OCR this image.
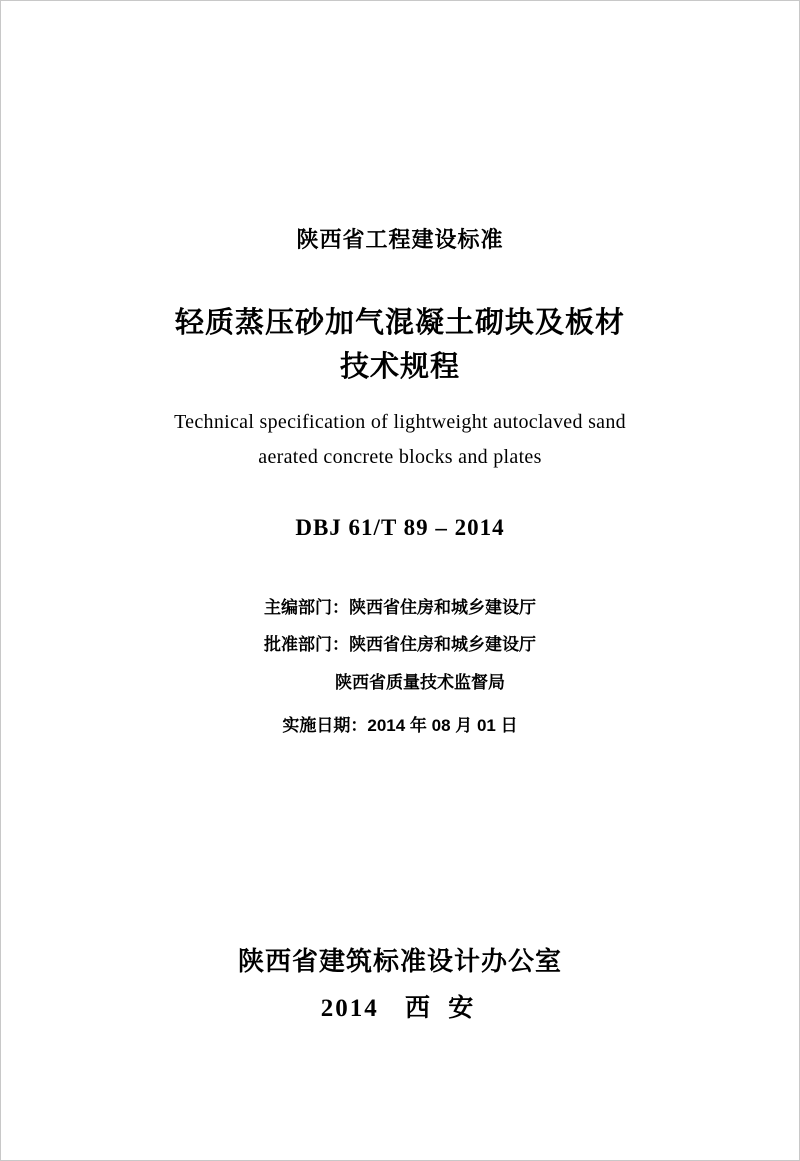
陕西省工程建设标准
轻质蒸压砂加气混凝土砌块及板材
技术规程
Technical specification of lightweight autoclaved sand
aerated concrete blocks and plates
DBJ 61/T 89 – 2014
主编部门：陕西省住房和城乡建设厅
批准部门：陕西省住房和城乡建设厅
陕西省质量技术监督局
实施日期：2014 年 08 月 01 日
陕西省建筑标准设计办公室
2014 西 安
